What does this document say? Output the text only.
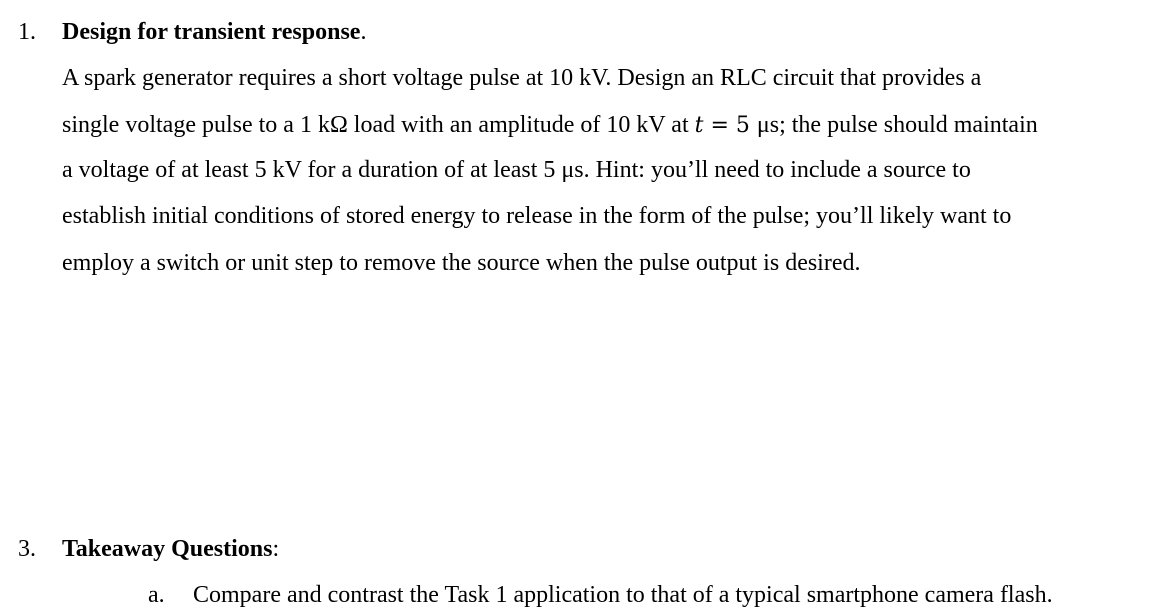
1. Design for transient response.
A spark generator requires a short voltage pulse at 10 kV. Design an RLC circuit that provides a
single voltage pulse to a 1 kΩ load with an amplitude of 10 kV at t = 5 μs; the pulse should maintain
a voltage of at least 5 kV for a duration of at least 5 μs. Hint: you’ll need to include a source to
establish initial conditions of stored energy to release in the form of the pulse; you’ll likely want to
employ a switch or unit step to remove the source when the pulse output is desired.
3. Takeaway Questions:
a. Compare and contrast the Task 1 application to that of a typical smartphone camera flash.
